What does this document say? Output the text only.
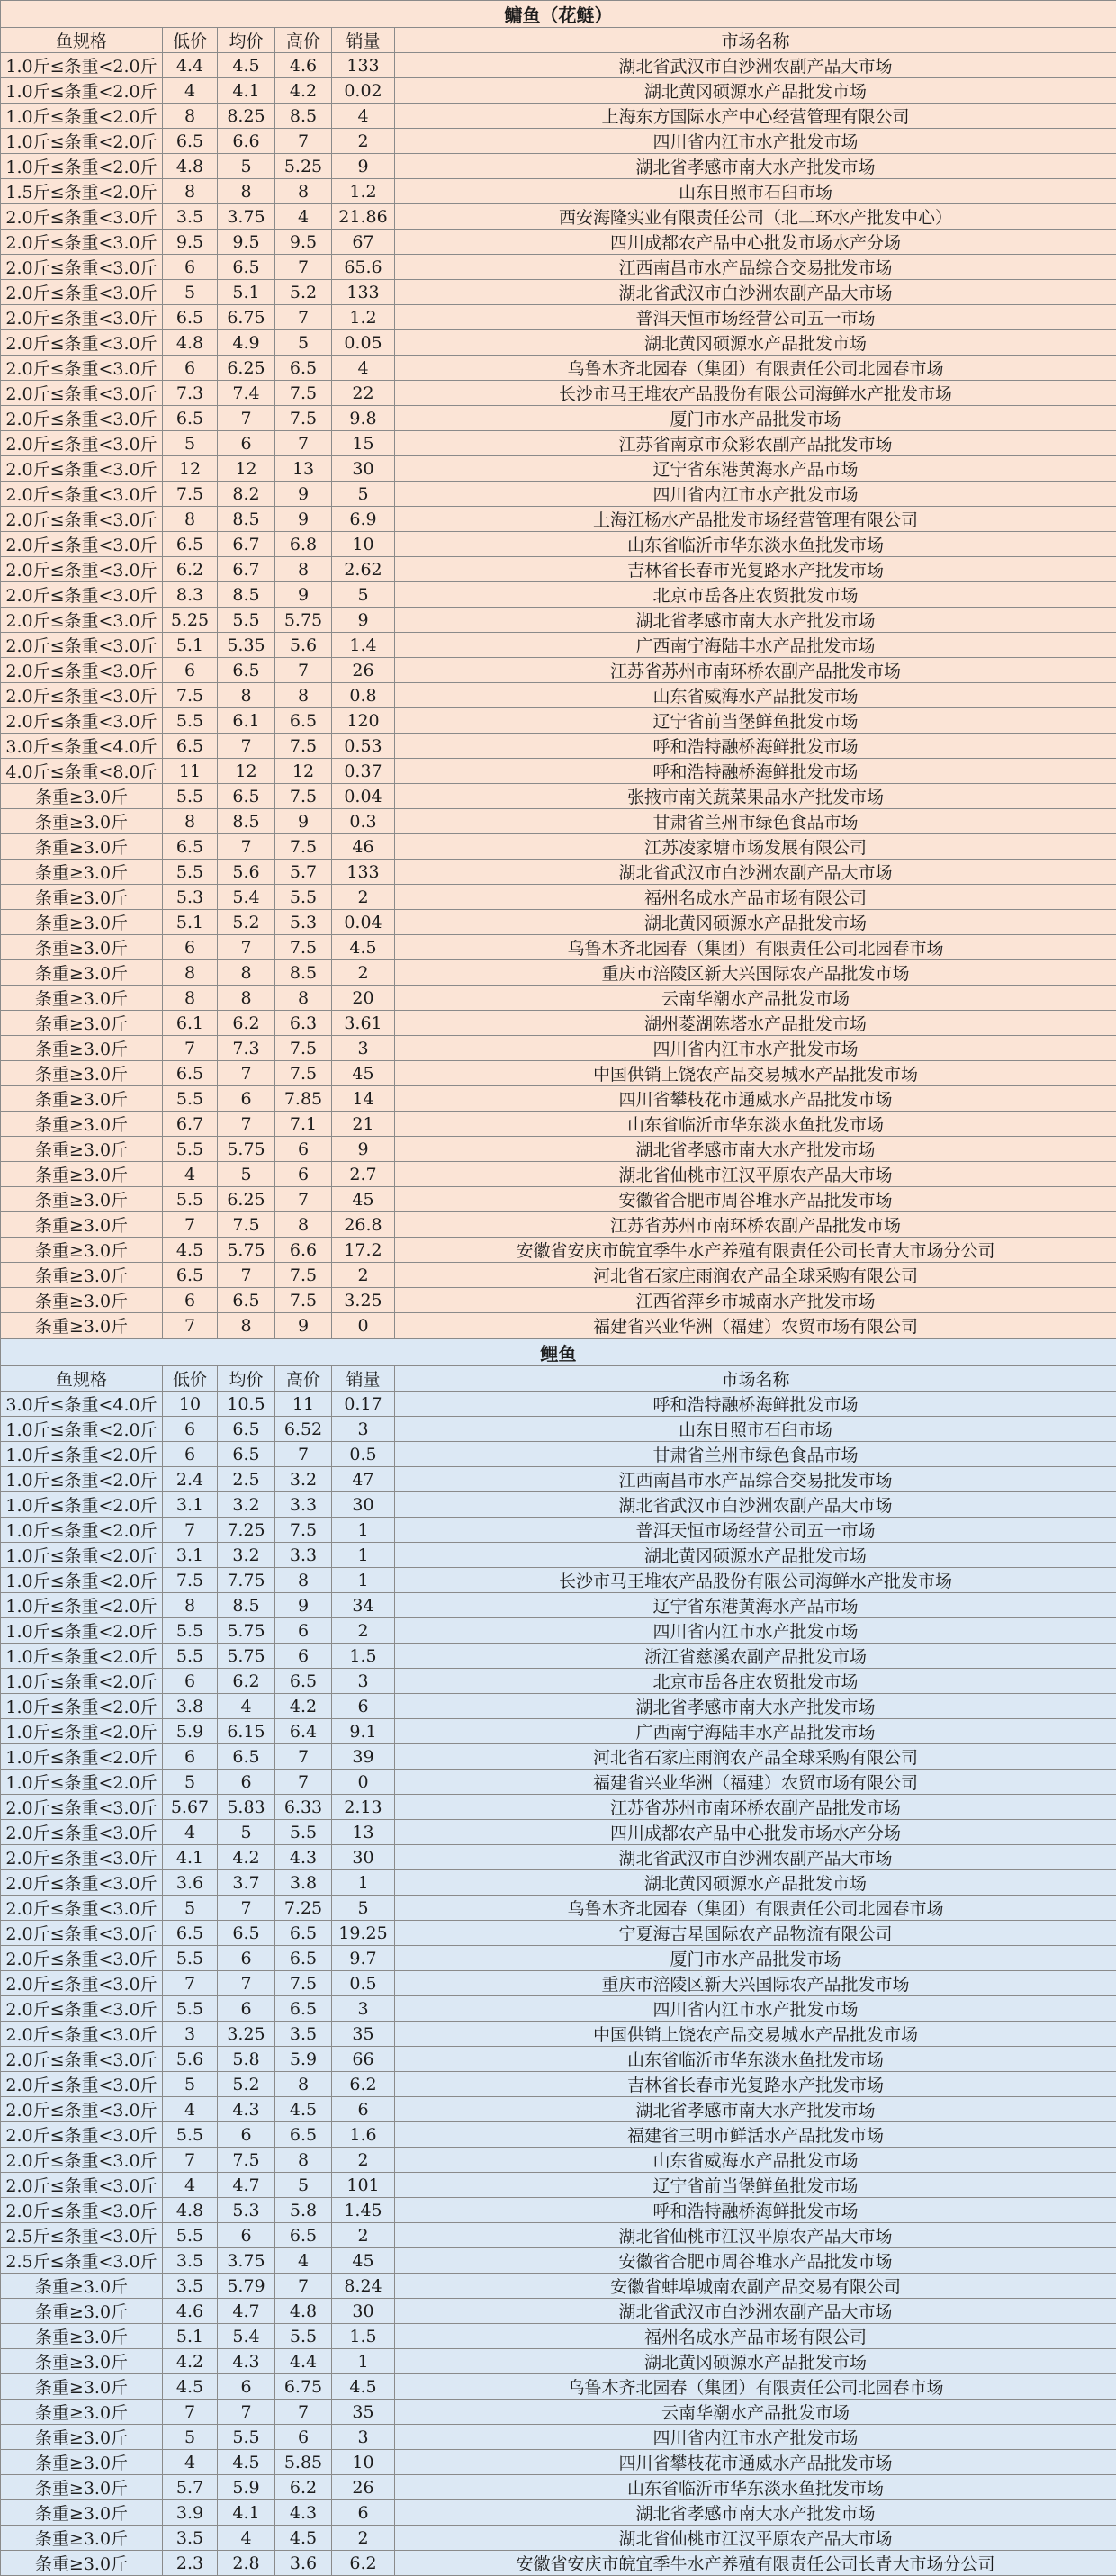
鳙鱼（花鲢）					
鱼规格	低价	均价	高价	销量	市场名称
1.0斤≤条重<2.0斤	4.4	4.5	4.6	133	湖北省武汉市白沙洲农副产品大市场
1.0斤≤条重<2.0斤	4	4.1	4.2	0.02	湖北黄冈硕源水产品批发市场
1.0斤≤条重<2.0斤	8	8.25	8.5	4	上海东方国际水产中心经营管理有限公司
1.0斤≤条重<2.0斤	6.5	6.6	7	2	四川省内江市水产批发市场
1.0斤≤条重<2.0斤	4.8	5	5.25	9	湖北省孝感市南大水产批发市场
1.5斤≤条重<2.0斤	8	8	8	1.2	山东日照市石臼市场
2.0斤≤条重<3.0斤	3.5	3.75	4	21.86	西安海隆实业有限责任公司（北二环水产批发中心）
2.0斤≤条重<3.0斤	9.5	9.5	9.5	67	四川成都农产品中心批发市场水产分场
2.0斤≤条重<3.0斤	6	6.5	7	65.6	江西南昌市水产品综合交易批发市场
2.0斤≤条重<3.0斤	5	5.1	5.2	133	湖北省武汉市白沙洲农副产品大市场
2.0斤≤条重<3.0斤	6.5	6.75	7	1.2	普洱天恒市场经营公司五一市场
2.0斤≤条重<3.0斤	4.8	4.9	5	0.05	湖北黄冈硕源水产品批发市场
2.0斤≤条重<3.0斤	6	6.25	6.5	4	乌鲁木齐北园春（集团）有限责任公司北园春市场
2.0斤≤条重<3.0斤	7.3	7.4	7.5	22	长沙市马王堆农产品股份有限公司海鲜水产批发市场
2.0斤≤条重<3.0斤	6.5	7	7.5	9.8	厦门市水产品批发市场
2.0斤≤条重<3.0斤	5	6	7	15	江苏省南京市众彩农副产品批发市场
2.0斤≤条重<3.0斤	12	12	13	30	辽宁省东港黄海水产品市场
2.0斤≤条重<3.0斤	7.5	8.2	9	5	四川省内江市水产批发市场
2.0斤≤条重<3.0斤	8	8.5	9	6.9	上海江杨水产品批发市场经营管理有限公司
2.0斤≤条重<3.0斤	6.5	6.7	6.8	10	山东省临沂市华东淡水鱼批发市场
2.0斤≤条重<3.0斤	6.2	6.7	8	2.62	吉林省长春市光复路水产批发市场
2.0斤≤条重<3.0斤	8.3	8.5	9	5	北京市岳各庄农贸批发市场
2.0斤≤条重<3.0斤	5.25	5.5	5.75	9	湖北省孝感市南大水产批发市场
2.0斤≤条重<3.0斤	5.1	5.35	5.6	1.4	广西南宁海陆丰水产品批发市场
2.0斤≤条重<3.0斤	6	6.5	7	26	江苏省苏州市南环桥农副产品批发市场
2.0斤≤条重<3.0斤	7.5	8	8	0.8	山东省威海水产品批发市场
2.0斤≤条重<3.0斤	5.5	6.1	6.5	120	辽宁省前当堡鲜鱼批发市场
3.0斤≤条重<4.0斤	6.5	7	7.5	0.53	呼和浩特融桥海鲜批发市场
4.0斤≤条重<8.0斤	11	12	12	0.37	呼和浩特融桥海鲜批发市场
条重≥3.0斤	5.5	6.5	7.5	0.04	张掖市南关蔬菜果品水产批发市场
条重≥3.0斤	8	8.5	9	0.3	甘肃省兰州市绿色食品市场
条重≥3.0斤	6.5	7	7.5	46	江苏凌家塘市场发展有限公司
条重≥3.0斤	5.5	5.6	5.7	133	湖北省武汉市白沙洲农副产品大市场
条重≥3.0斤	5.3	5.4	5.5	2	福州名成水产品市场有限公司
条重≥3.0斤	5.1	5.2	5.3	0.04	湖北黄冈硕源水产品批发市场
条重≥3.0斤	6	7	7.5	4.5	乌鲁木齐北园春（集团）有限责任公司北园春市场
条重≥3.0斤	8	8	8.5	2	重庆市涪陵区新大兴国际农产品批发市场
条重≥3.0斤	8	8	8	20	云南华潮水产品批发市场
条重≥3.0斤	6.1	6.2	6.3	3.61	湖州菱湖陈塔水产品批发市场
条重≥3.0斤	7	7.3	7.5	3	四川省内江市水产批发市场
条重≥3.0斤	6.5	7	7.5	45	中国供销上饶农产品交易城水产品批发市场
条重≥3.0斤	5.5	6	7.85	14	四川省攀枝花市通威水产品批发市场
条重≥3.0斤	6.7	7	7.1	21	山东省临沂市华东淡水鱼批发市场
条重≥3.0斤	5.5	5.75	6	9	湖北省孝感市南大水产批发市场
条重≥3.0斤	4	5	6	2.7	湖北省仙桃市江汉平原农产品大市场
条重≥3.0斤	5.5	6.25	7	45	安徽省合肥市周谷堆水产品批发市场
条重≥3.0斤	7	7.5	8	26.8	江苏省苏州市南环桥农副产品批发市场
条重≥3.0斤	4.5	5.75	6.6	17.2	安徽省安庆市皖宜季牛水产养殖有限责任公司长青大市场分公司
条重≥3.0斤	6.5	7	7.5	2	河北省石家庄雨润农产品全球采购有限公司
条重≥3.0斤	6	6.5	7.5	3.25	江西省萍乡市城南水产批发市场
条重≥3.0斤	7	8	9	0	福建省兴业华洲（福建）农贸市场有限公司
鲤鱼					
鱼规格	低价	均价	高价	销量	市场名称
3.0斤≤条重<4.0斤	10	10.5	11	0.17	呼和浩特融桥海鲜批发市场
1.0斤≤条重<2.0斤	6	6.5	6.52	3	山东日照市石臼市场
1.0斤≤条重<2.0斤	6	6.5	7	0.5	甘肃省兰州市绿色食品市场
1.0斤≤条重<2.0斤	2.4	2.5	3.2	47	江西南昌市水产品综合交易批发市场
1.0斤≤条重<2.0斤	3.1	3.2	3.3	30	湖北省武汉市白沙洲农副产品大市场
1.0斤≤条重<2.0斤	7	7.25	7.5	1	普洱天恒市场经营公司五一市场
1.0斤≤条重<2.0斤	3.1	3.2	3.3	1	湖北黄冈硕源水产品批发市场
1.0斤≤条重<2.0斤	7.5	7.75	8	1	长沙市马王堆农产品股份有限公司海鲜水产批发市场
1.0斤≤条重<2.0斤	8	8.5	9	34	辽宁省东港黄海水产品市场
1.0斤≤条重<2.0斤	5.5	5.75	6	2	四川省内江市水产批发市场
1.0斤≤条重<2.0斤	5.5	5.75	6	1.5	浙江省慈溪农副产品批发市场
1.0斤≤条重<2.0斤	6	6.2	6.5	3	北京市岳各庄农贸批发市场
1.0斤≤条重<2.0斤	3.8	4	4.2	6	湖北省孝感市南大水产批发市场
1.0斤≤条重<2.0斤	5.9	6.15	6.4	9.1	广西南宁海陆丰水产品批发市场
1.0斤≤条重<2.0斤	6	6.5	7	39	河北省石家庄雨润农产品全球采购有限公司
1.0斤≤条重<2.0斤	5	6	7	0	福建省兴业华洲（福建）农贸市场有限公司
2.0斤≤条重<3.0斤	5.67	5.83	6.33	2.13	江苏省苏州市南环桥农副产品批发市场
2.0斤≤条重<3.0斤	4	5	5.5	13	四川成都农产品中心批发市场水产分场
2.0斤≤条重<3.0斤	4.1	4.2	4.3	30	湖北省武汉市白沙洲农副产品大市场
2.0斤≤条重<3.0斤	3.6	3.7	3.8	1	湖北黄冈硕源水产品批发市场
2.0斤≤条重<3.0斤	5	7	7.25	5	乌鲁木齐北园春（集团）有限责任公司北园春市场
2.0斤≤条重<3.0斤	6.5	6.5	6.5	19.25	宁夏海吉星国际农产品物流有限公司
2.0斤≤条重<3.0斤	5.5	6	6.5	9.7	厦门市水产品批发市场
2.0斤≤条重<3.0斤	7	7	7.5	0.5	重庆市涪陵区新大兴国际农产品批发市场
2.0斤≤条重<3.0斤	5.5	6	6.5	3	四川省内江市水产批发市场
2.0斤≤条重<3.0斤	3	3.25	3.5	35	中国供销上饶农产品交易城水产品批发市场
2.0斤≤条重<3.0斤	5.6	5.8	5.9	66	山东省临沂市华东淡水鱼批发市场
2.0斤≤条重<3.0斤	5	5.2	8	6.2	吉林省长春市光复路水产批发市场
2.0斤≤条重<3.0斤	4	4.3	4.5	6	湖北省孝感市南大水产批发市场
2.0斤≤条重<3.0斤	5.5	6	6.5	1.6	福建省三明市鲜活水产品批发市场
2.0斤≤条重<3.0斤	7	7.5	8	2	山东省威海水产品批发市场
2.0斤≤条重<3.0斤	4	4.7	5	101	辽宁省前当堡鲜鱼批发市场
2.0斤≤条重<3.0斤	4.8	5.3	5.8	1.45	呼和浩特融桥海鲜批发市场
2.5斤≤条重<3.0斤	5.5	6	6.5	2	湖北省仙桃市江汉平原农产品大市场
2.5斤≤条重<3.0斤	3.5	3.75	4	45	安徽省合肥市周谷堆水产品批发市场
条重≥3.0斤	3.5	5.79	7	8.24	安徽省蚌埠城南农副产品交易有限公司
条重≥3.0斤	4.6	4.7	4.8	30	湖北省武汉市白沙洲农副产品大市场
条重≥3.0斤	5.1	5.4	5.5	1.5	福州名成水产品市场有限公司
条重≥3.0斤	4.2	4.3	4.4	1	湖北黄冈硕源水产品批发市场
条重≥3.0斤	4.5	6	6.75	4.5	乌鲁木齐北园春（集团）有限责任公司北园春市场
条重≥3.0斤	7	7	7	35	云南华潮水产品批发市场
条重≥3.0斤	5	5.5	6	3	四川省内江市水产批发市场
条重≥3.0斤	4	4.5	5.85	10	四川省攀枝花市通威水产品批发市场
条重≥3.0斤	5.7	5.9	6.2	26	山东省临沂市华东淡水鱼批发市场
条重≥3.0斤	3.9	4.1	4.3	6	湖北省孝感市南大水产批发市场
条重≥3.0斤	3.5	4	4.5	2	湖北省仙桃市江汉平原农产品大市场
条重≥3.0斤	2.3	2.8	3.6	6.2	安徽省安庆市皖宜季牛水产养殖有限责任公司长青大市场分公司
